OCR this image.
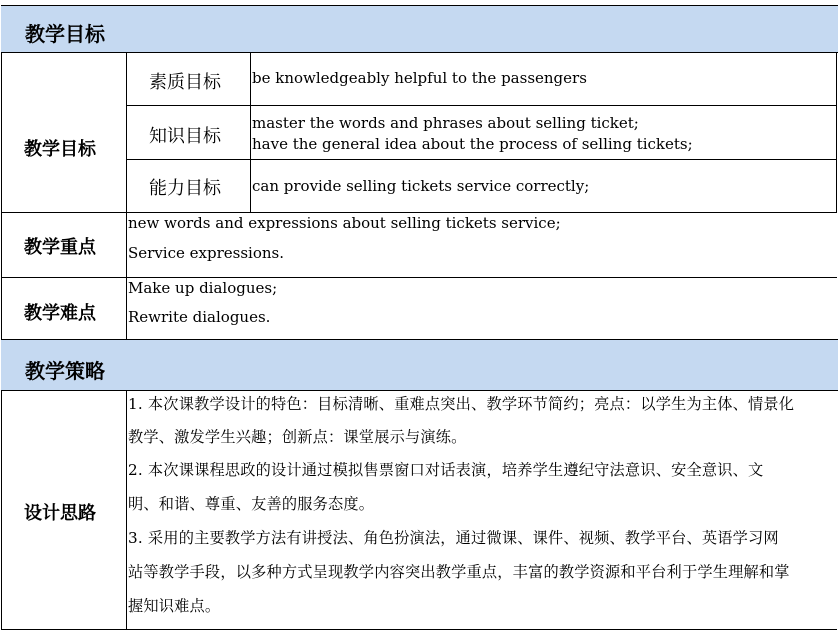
教学目标
教学策略
教学目标
素质目标 be knowledgeably helpful to the passengers
知识目标
master the words and phrases about selling ticket;
have the general idea about the process of selling tickets;
能力目标 can provide selling tickets service correctly;
教学重点
new words and expressions about selling tickets service;
Service expressions.
教学难点
Make up dialogues;
Rewrite dialogues.
设计思路
1. 本次课教学设计的特色：目标清晰、重难点突出、教学环节简约；亮点：以学生为主体、情景化
教学、激发学生兴趣；创新点：课堂展示与演练。
2. 本次课课程思政的设计通过模拟售票窗口对话表演，培养学生遵纪守法意识、安全意识、文
明、和谐、尊重、友善的服务态度。
3. 采用的主要教学方法有讲授法、角色扮演法，通过微课、课件、视频、教学平台、英语学习网
站等教学手段，以多种方式呈现教学内容突出教学重点，丰富的教学资源和平台利于学生理解和掌
握知识难点。
